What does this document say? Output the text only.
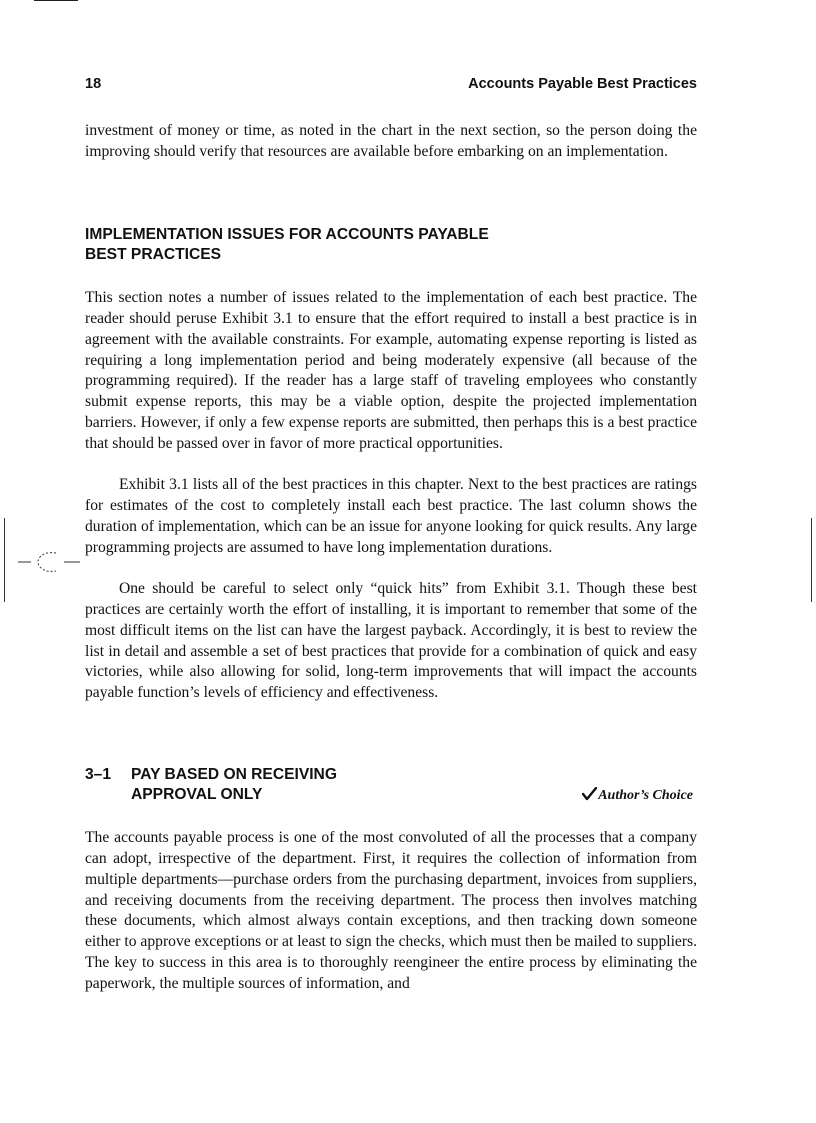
18	Accounts Payable Best Practices

investment of money or time, as noted in the chart in the next section, so the person doing the improving should verify that resources are available before embarking on an implementation.

IMPLEMENTATION ISSUES FOR ACCOUNTS PAYABLE
BEST PRACTICES

This section notes a number of issues related to the implementation of each best practice. The reader should peruse Exhibit 3.1 to ensure that the effort required to install a best practice is in agreement with the available constraints. For example, automating expense reporting is listed as requiring a long implementation period and being moderately expensive (all because of the programming required). If the reader has a large staff of traveling employees who constantly submit expense reports, this may be a viable option, despite the projected implementation barriers. However, if only a few expense reports are submitted, then perhaps this is a best practice that should be passed over in favor of more practical opportunities.

Exhibit 3.1 lists all of the best practices in this chapter. Next to the best practices are ratings for estimates of the cost to completely install each best practice. The last column shows the duration of implementation, which can be an issue for anyone looking for quick results. Any large programming projects are assumed to have long implementation durations.

One should be careful to select only “quick hits” from Exhibit 3.1. Though these best practices are certainly worth the effort of installing, it is important to remember that some of the most difficult items on the list can have the largest payback. Accordingly, it is best to review the list in detail and assemble a set of best practices that provide for a combination of quick and easy victories, while also allowing for solid, long-term improvements that will impact the accounts payable function’s levels of efficiency and effectiveness.

3–1 PAY BASED ON RECEIVING
APPROVAL ONLY	Author’s Choice

The accounts payable process is one of the most convoluted of all the processes that a company can adopt, irrespective of the department. First, it requires the collection of information from multiple departments—purchase orders from the purchasing department, invoices from suppliers, and receiving documents from the receiving department. The process then involves matching these documents, which almost always contain exceptions, and then tracking down someone either to approve exceptions or at least to sign the checks, which must then be mailed to suppliers. The key to success in this area is to thoroughly reengineer the entire process by eliminating the paperwork, the multiple sources of information, and
